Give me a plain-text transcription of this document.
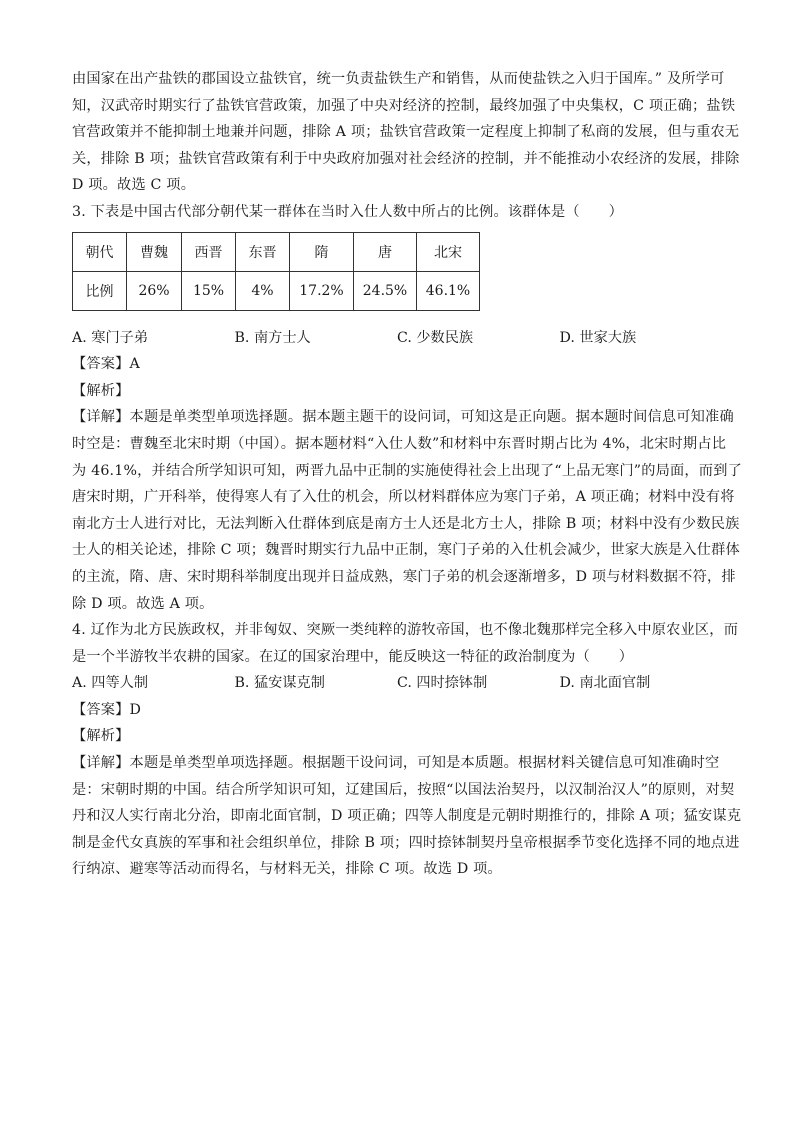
由国家在出产盐铁的郡国设立盐铁官，统一负责盐铁生产和销售，从而使盐铁之入归于国库。” 及所学可
知，汉武帝时期实行了盐铁官营政策，加强了中央对经济的控制，最终加强了中央集权，C 项正确；盐铁
官营政策并不能抑制土地兼并问题，排除 A 项；盐铁官营政策一定程度上抑制了私商的发展，但与重农无
关，排除 B 项；盐铁官营政策有利于中央政府加强对社会经济的控制，并不能推动小农经济的发展，排除
D 项。故选 C 项。
3. 下表是中国古代部分朝代某一群体在当时入仕人数中所占的比例。该群体是（　　）
朝代	曹魏	西晋	东晋	隋	唐	北宋
比例	26%	15%	4%	17.2%	24.5%	46.1%
A. 寒门子弟	B. 南方士人	C. 少数民族	D. 世家大族
【答案】A
【解析】
【详解】本题是单类型单项选择题。据本题主题干的设问词，可知这是正向题。据本题时间信息可知准确
时空是：曹魏至北宋时期（中国）。据本题材料“入仕人数”和材料中东晋时期占比为 4%，北宋时期占比
为 46.1%，并结合所学知识可知，两晋九品中正制的实施使得社会上出现了“上品无寒门”的局面，而到了
唐宋时期，广开科举，使得寒人有了入仕的机会，所以材料群体应为寒门子弟，A 项正确；材料中没有将
南北方士人进行对比，无法判断入仕群体到底是南方士人还是北方士人，排除 B 项；材料中没有少数民族
士人的相关论述，排除 C 项；魏晋时期实行九品中正制，寒门子弟的入仕机会减少，世家大族是入仕群体
的主流，隋、唐、宋时期科举制度出现并日益成熟，寒门子弟的机会逐渐增多，D 项与材料数据不符，排
除 D 项。故选 A 项。
4. 辽作为北方民族政权，并非匈奴、突厥一类纯粹的游牧帝国，也不像北魏那样完全移入中原农业区，而
是一个半游牧半农耕的国家。在辽的国家治理中，能反映这一特征的政治制度为（　　）
A. 四等人制	B. 猛安谋克制	C. 四时捺钵制	D. 南北面官制
【答案】D
【解析】
【详解】本题是单类型单项选择题。根据题干设问词，可知是本质题。根据材料关键信息可知准确时空
是：宋朝时期的中国。结合所学知识可知，辽建国后，按照“以国法治契丹，以汉制治汉人”的原则，对契
丹和汉人实行南北分治，即南北面官制，D 项正确；四等人制度是元朝时期推行的，排除 A 项；猛安谋克
制是金代女真族的军事和社会组织单位，排除 B 项；四时捺钵制契丹皇帝根据季节变化选择不同的地点进
行纳凉、避寒等活动而得名，与材料无关，排除 C 项。故选 D 项。
